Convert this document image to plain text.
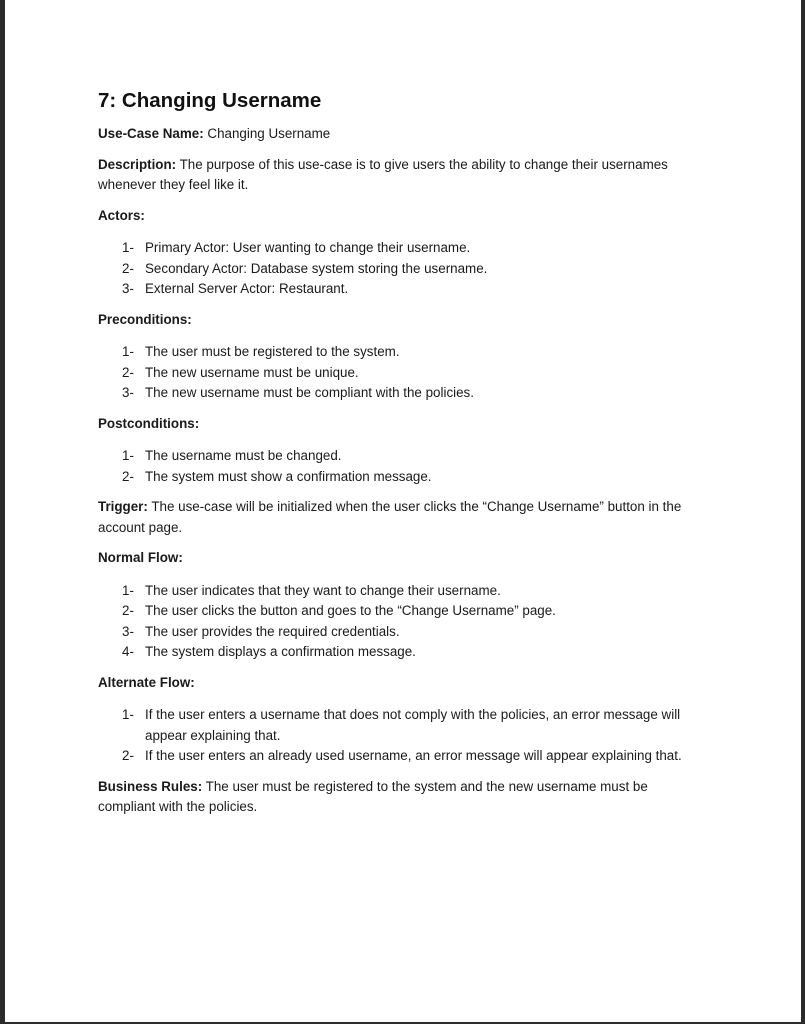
7: Changing Username

Use-Case Name: Changing Username

Description: The purpose of this use-case is to give users the ability to change their usernames whenever they feel like it.

Actors:

1- Primary Actor: User wanting to change their username.
2- Secondary Actor: Database system storing the username.
3- External Server Actor: Restaurant.

Preconditions:

1- The user must be registered to the system.
2- The new username must be unique.
3- The new username must be compliant with the policies.

Postconditions:

1- The username must be changed.
2- The system must show a confirmation message.

Trigger: The use-case will be initialized when the user clicks the “Change Username” button in the account page.

Normal Flow:

1- The user indicates that they want to change their username.
2- The user clicks the button and goes to the “Change Username” page.
3- The user provides the required credentials.
4- The system displays a confirmation message.

Alternate Flow:

1- If the user enters a username that does not comply with the policies, an error message will appear explaining that.
2- If the user enters an already used username, an error message will appear explaining that.

Business Rules: The user must be registered to the system and the new username must be compliant with the policies.
